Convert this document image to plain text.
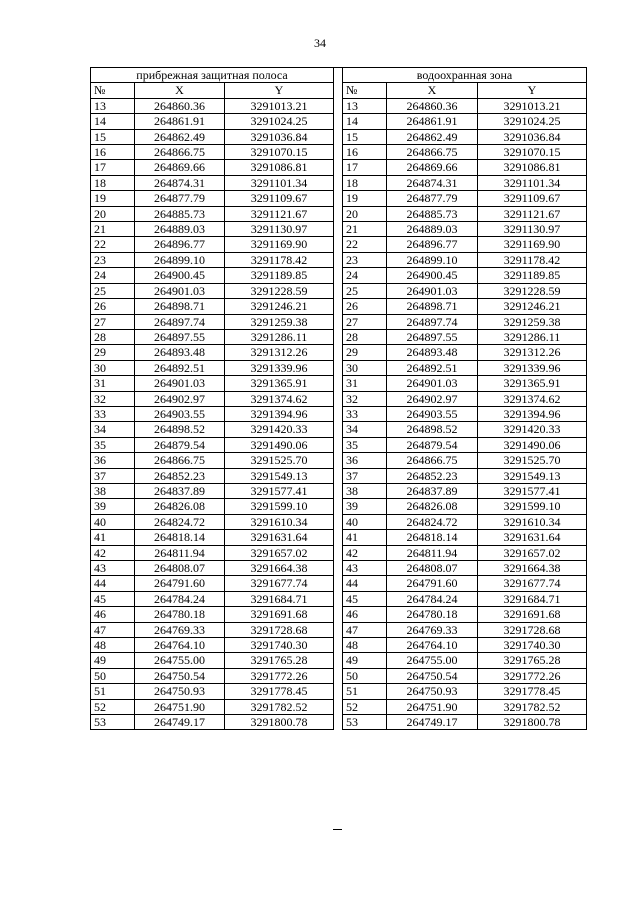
34
прибрежная защитная полоса		
№	X	Y
13	264860.36	3291013.21
14	264861.91	3291024.25
15	264862.49	3291036.84
16	264866.75	3291070.15
17	264869.66	3291086.81
18	264874.31	3291101.34
19	264877.79	3291109.67
20	264885.73	3291121.67
21	264889.03	3291130.97
22	264896.77	3291169.90
23	264899.10	3291178.42
24	264900.45	3291189.85
25	264901.03	3291228.59
26	264898.71	3291246.21
27	264897.74	3291259.38
28	264897.55	3291286.11
29	264893.48	3291312.26
30	264892.51	3291339.96
31	264901.03	3291365.91
32	264902.97	3291374.62
33	264903.55	3291394.96
34	264898.52	3291420.33
35	264879.54	3291490.06
36	264866.75	3291525.70
37	264852.23	3291549.13
38	264837.89	3291577.41
39	264826.08	3291599.10
40	264824.72	3291610.34
41	264818.14	3291631.64
42	264811.94	3291657.02
43	264808.07	3291664.38
44	264791.60	3291677.74
45	264784.24	3291684.71
46	264780.18	3291691.68
47	264769.33	3291728.68
48	264764.10	3291740.30
49	264755.00	3291765.28
50	264750.54	3291772.26
51	264750.93	3291778.45
52	264751.90	3291782.52
53	264749.17	3291800.78
водоохранная зона		
№	X	Y
13	264860.36	3291013.21
14	264861.91	3291024.25
15	264862.49	3291036.84
16	264866.75	3291070.15
17	264869.66	3291086.81
18	264874.31	3291101.34
19	264877.79	3291109.67
20	264885.73	3291121.67
21	264889.03	3291130.97
22	264896.77	3291169.90
23	264899.10	3291178.42
24	264900.45	3291189.85
25	264901.03	3291228.59
26	264898.71	3291246.21
27	264897.74	3291259.38
28	264897.55	3291286.11
29	264893.48	3291312.26
30	264892.51	3291339.96
31	264901.03	3291365.91
32	264902.97	3291374.62
33	264903.55	3291394.96
34	264898.52	3291420.33
35	264879.54	3291490.06
36	264866.75	3291525.70
37	264852.23	3291549.13
38	264837.89	3291577.41
39	264826.08	3291599.10
40	264824.72	3291610.34
41	264818.14	3291631.64
42	264811.94	3291657.02
43	264808.07	3291664.38
44	264791.60	3291677.74
45	264784.24	3291684.71
46	264780.18	3291691.68
47	264769.33	3291728.68
48	264764.10	3291740.30
49	264755.00	3291765.28
50	264750.54	3291772.26
51	264750.93	3291778.45
52	264751.90	3291782.52
53	264749.17	3291800.78
